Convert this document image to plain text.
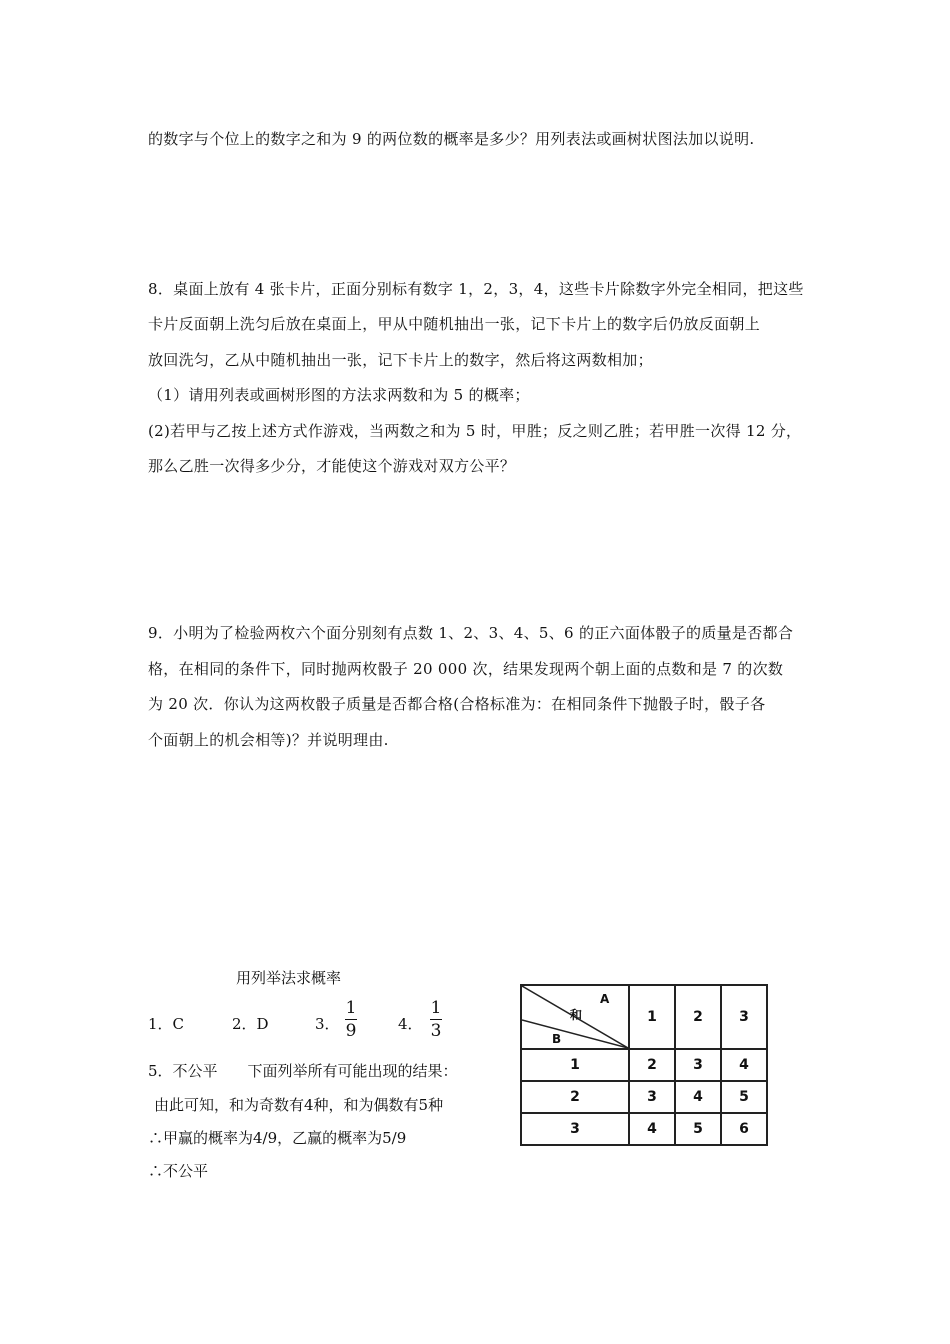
的数字与个位上的数字之和为 9 的两位数的概率是多少？用列表法或画树状图法加以说明.
8．桌面上放有 4 张卡片，正面分别标有数字 1，2，3，4，这些卡片除数字外完全相同，把这些
卡片反面朝上洗匀后放在桌面上，甲从中随机抽出一张，记下卡片上的数字后仍放反面朝上
放回洗匀，乙从中随机抽出一张，记下卡片上的数字，然后将这两数相加；
（1）请用列表或画树形图的方法求两数和为 5 的概率；
(2)若甲与乙按上述方式作游戏，当两数之和为 5 时，甲胜；反之则乙胜；若甲胜一次得 12 分，
那么乙胜一次得多少分，才能使这个游戏对双方公平？
9．小明为了检验两枚六个面分别刻有点数 1、2、3、4、5、6 的正六面体骰子的质量是否都合
格，在相同的条件下，同时抛两枚骰子 20 000 次，结果发现两个朝上面的点数和是 7 的次数
为 20 次．你认为这两枚骰子质量是否都合格(合格标准为：在相同条件下抛骰子时，骰子各
个面朝上的机会相等)？并说明理由.
用列举法求概率
1．C	2．D	3．
1
9	4．
1
3
5．不公平　　下面列举所有可能出现的结果：
由此可知，和为奇数有4种，和为偶数有5种
∴甲赢的概率为4/9，乙赢的概率为5/9
∴不公平
A
和
B	1	2	3
1	2	3	4
2	3	4	5
3	4	5	6
